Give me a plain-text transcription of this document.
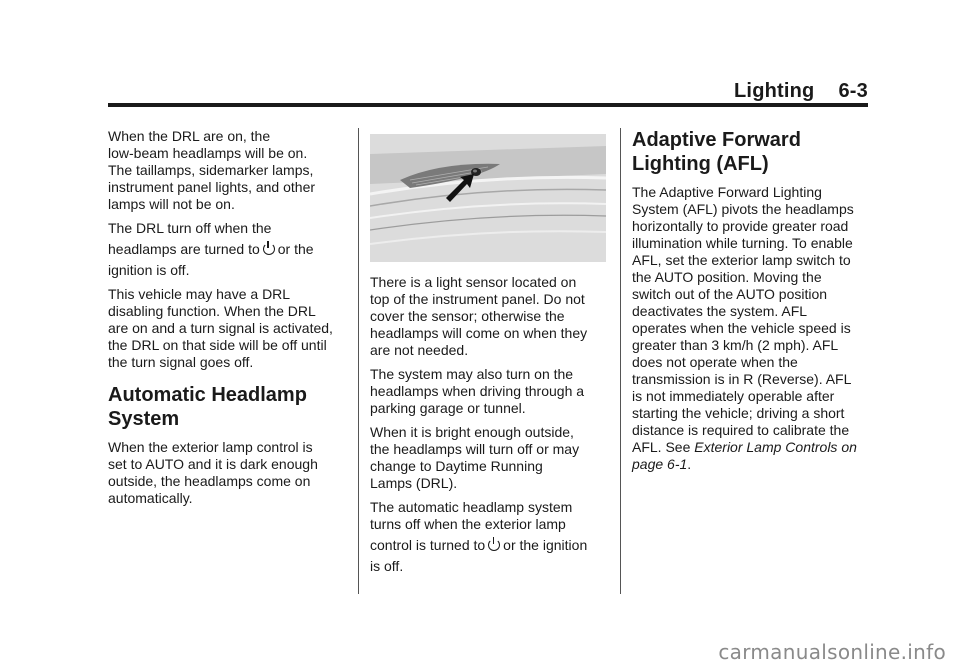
Lighting 6-3

When the DRL are on, the
low-beam headlamps will be on.
The taillamps, sidemarker lamps,
instrument panel lights, and other
lamps will not be on.

The DRL turn off when the
headlamps are turned to or the
ignition is off.

This vehicle may have a DRL
disabling function. When the DRL
are on and a turn signal is activated,
the DRL on that side will be off until
the turn signal goes off.

Automatic Headlamp
System

When the exterior lamp control is
set to AUTO and it is dark enough
outside, the headlamps come on
automatically.

There is a light sensor located on
top of the instrument panel. Do not
cover the sensor; otherwise the
headlamps will come on when they
are not needed.

The system may also turn on the
headlamps when driving through a
parking garage or tunnel.

When it is bright enough outside,
the headlamps will turn off or may
change to Daytime Running
Lamps (DRL).

The automatic headlamp system
turns off when the exterior lamp
control is turned to or the ignition
is off.

Adaptive Forward
Lighting (AFL)

The Adaptive Forward Lighting
System (AFL) pivots the headlamps
horizontally to provide greater road
illumination while turning. To enable
AFL, set the exterior lamp switch to
the AUTO position. Moving the
switch out of the AUTO position
deactivates the system. AFL
operates when the vehicle speed is
greater than 3 km/h (2 mph). AFL
does not operate when the
transmission is in R (Reverse). AFL
is not immediately operable after
starting the vehicle; driving a short
distance is required to calibrate the
AFL. See Exterior Lamp Controls on
page 6-1.

carmanualsonline.info
